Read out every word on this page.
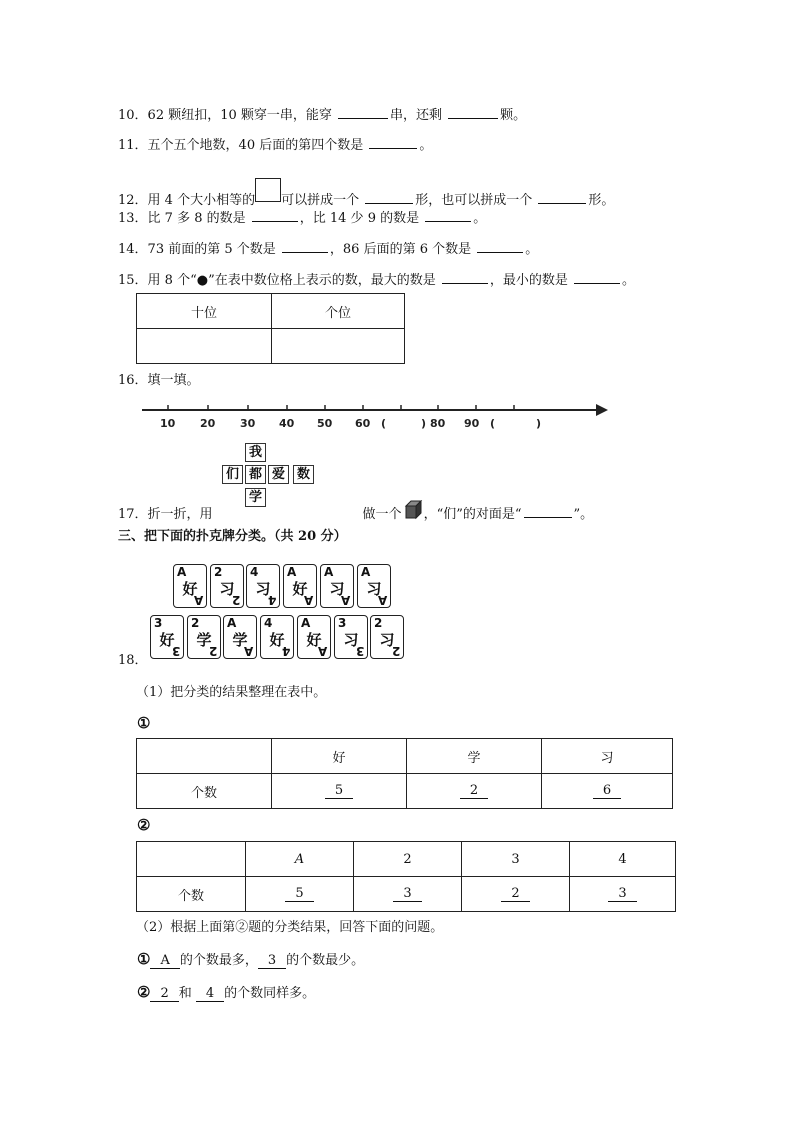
10．62 颗纽扣，10 颗穿一串，能穿	串，还剩	颗。
11．五个五个地数，40 后面的第四个数是	。
12．用 4 个大小相等的 可以拼成一个	形，也可以拼成一个	形。
13．比 7 多 8 的数是	，比 14 少 9 的数是	。
14．73 前面的第 5 个数是	，86 后面的第 6 个数是	。
15．用 8 个“●”在表中数位格上表示的数，最大的数是	，最小的数是	。
十位	个位

16．填一填。
10 20 30 40 50 60 (	) 80 90 (	)
我
们 都 爱 数
学
17．折一折，用	做一个 ，“们”的对面是“	”。
三、把下面的扑克牌分类。（共 20 分）
A
好
A
2
习
2
4
习
4
A
好
A
A
习
A
A
习
A
3
好
3
2
学
2
A
学
A
4
好
4
A
好
A
3
习
3
2
习
2
18．
（1）把分类的结果整理在表中。
①
	好	学	习
个数	5	2	6
②
	A	2	3	4
个数	5	3	2	3
（2）根据上面第②题的分类结果，回答下面的问题。
① A 的个数最多， 3 的个数最少。
② 2 和 4 的个数同样多。
